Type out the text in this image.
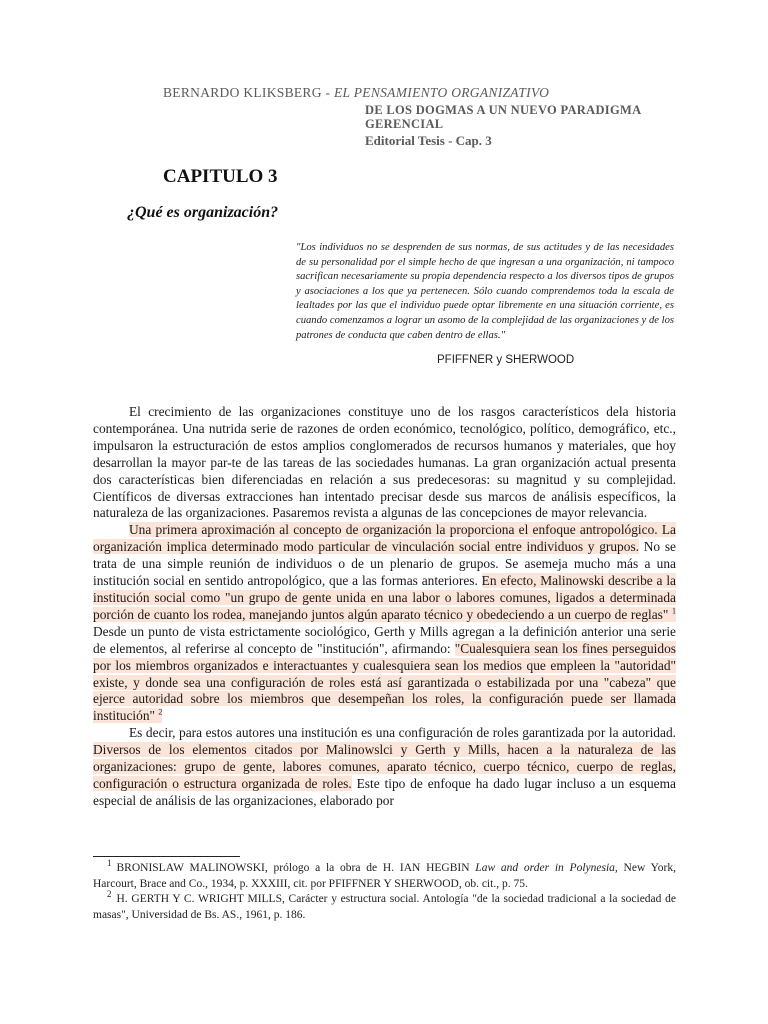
BERNARDO KLIKSBERG - EL PENSAMIENTO ORGANIZATIVO
DE LOS DOGMAS A UN NUEVO PARADIGMA GERENCIAL
Editorial Tesis - Cap. 3
CAPITULO 3
¿Qué es organización?
"Los individuos no se desprenden de sus normas, de sus actitudes y de las necesidades de su personalidad por el simple hecho de que ingresan a una organización, ni tampoco sacrifican necesariamente su propia dependencia respecto a los diversos tipos de grupos y asociaciones a los que ya pertenecen. Sólo cuando comprendemos toda la escala de lealtades por las que el individuo puede optar libremente en una situación corriente, es cuando comenzamos a lograr un asomo de la complejidad de las organizaciones y de los patrones de conducta que caben dentro de ellas."
PFIFFNER y SHERWOOD

El crecimiento de las organizaciones constituye uno de los rasgos característicos dela historia contemporánea. Una nutrida serie de razones de orden económico, tecnológico, político, demográfico, etc., impulsaron la estructuración de estos amplios conglomerados de recursos humanos y materiales, que hoy desarrollan la mayor par-te de las tareas de las sociedades humanas. La gran organización actual presenta dos características bien diferenciadas en relación a sus predecesoras: su magnitud y su complejidad. Científicos de diversas extracciones han intentado precisar desde sus marcos de análisis específicos, la naturaleza de las organizaciones. Pasaremos revista a algunas de las concepciones de mayor relevancia.

Una primera aproximación al concepto de organización la proporciona el enfoque antropológico. La organización implica determinado modo particular de vinculación social entre individuos y grupos. No se trata de una simple reunión de individuos o de un plenario de grupos. Se asemeja mucho más a una institución social en sentido antropológico, que a las formas anteriores. En efecto, Malinowski describe a la institución social como "un grupo de gente unida en una labor o labores comunes, ligados a determinada porción de cuanto los rodea, manejando juntos algún aparato técnico y obedeciendo a un cuerpo de reglas" $^1$ Desde un punto de vista estrictamente sociológico, Gerth y Mills agregan a la definición anterior una serie de elementos, al referirse al concepto de "institución", afirmando: "Cualesquiera sean los fines perseguidos por los miembros organizados e interactuantes y cualesquiera sean los medios que empleen la "autoridad" existe, y donde sea una configuración de roles está así garantizada o estabilizada por una "cabeza" que ejerce autoridad sobre los miembros que desempeñan los roles, la configuración puede ser llamada institución" $^2$

Es decir, para estos autores una institución es una configuración de roles garantizada por la autoridad. Diversos de los elementos citados por Malinowslci y Gerth y Mills, hacen a la naturaleza de las organizaciones: grupo de gente, labores comunes, aparato técnico, cuerpo técnico, cuerpo de reglas, configuración o estructura organizada de roles. Este tipo de enfoque ha dado lugar incluso a un esquema especial de análisis de las organizaciones, elaborado por

$^1$ BRONISLAW MALINOWSKI, prólogo a la obra de H. IAN HEGBIN Law and order in Polynesia, New York, Harcourt, Brace and Co., 1934, p. XXXIII, cit. por PFIFFNER Y SHERWOOD, ob. cit., p. 75.

$^2$ H. GERTH Y C. WRIGHT MILLS, Carácter y estructura social. Antología "de la sociedad tradicional a la sociedad de masas", Universidad de Bs. AS., 1961, p. 186.
